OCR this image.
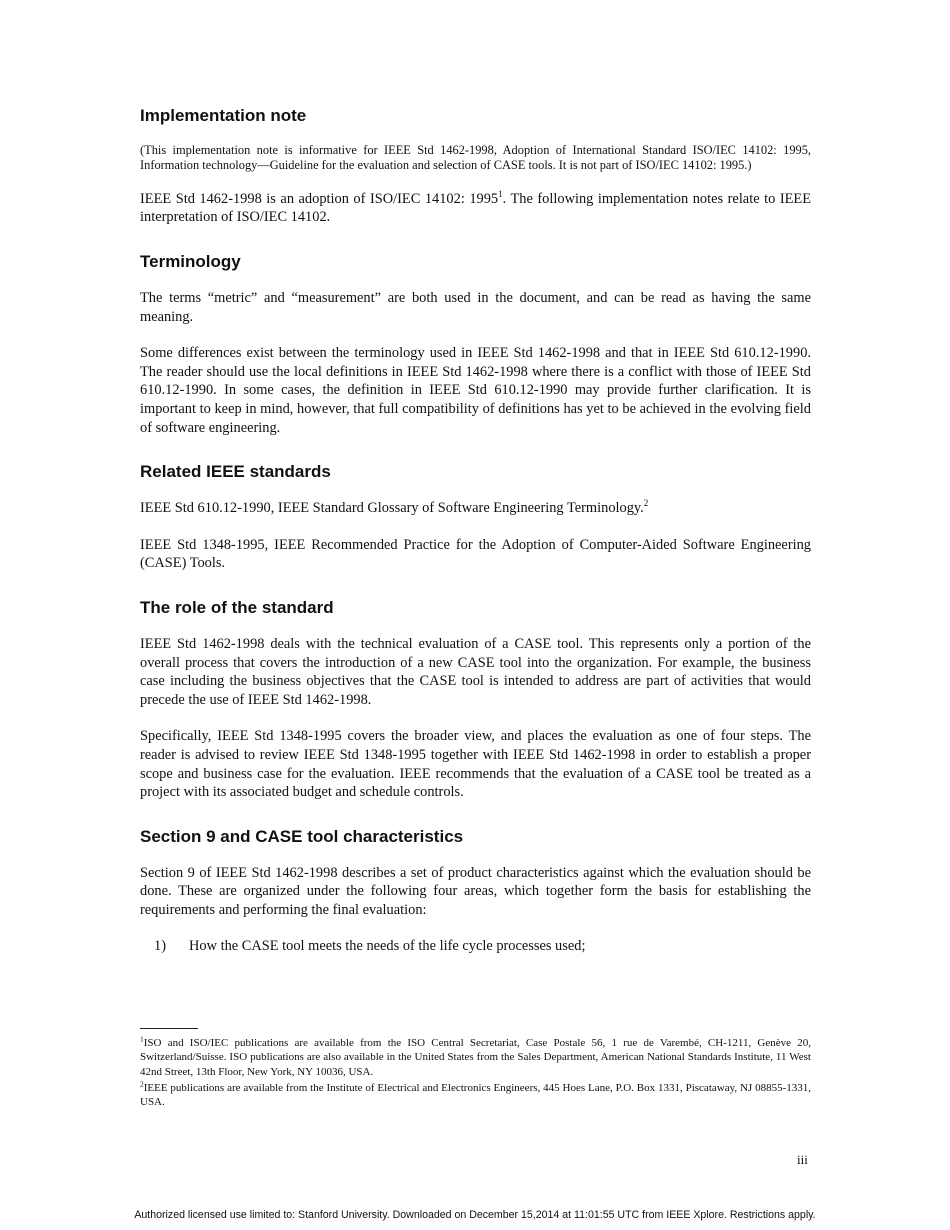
Implementation note

(This implementation note is informative for IEEE Std 1462-1998, Adoption of International Standard ISO/IEC 14102: 1995, Information technology—Guideline for the evaluation and selection of CASE tools. It is not part of ISO/IEC 14102: 1995.)

IEEE Std 1462-1998 is an adoption of ISO/IEC 14102: 1995$^1$. The following implementation notes relate to IEEE interpretation of ISO/IEC 14102.

Terminology

The terms “metric” and “measurement” are both used in the document, and can be read as having the same meaning.

Some differences exist between the terminology used in IEEE Std 1462-1998 and that in IEEE Std 610.12-1990. The reader should use the local definitions in IEEE Std 1462-1998 where there is a conflict with those of IEEE Std 610.12-1990. In some cases, the definition in IEEE Std 610.12-1990 may provide further clarification. It is important to keep in mind, however, that full compatibility of definitions has yet to be achieved in the evolving field of software engineering.

Related IEEE standards

IEEE Std 610.12-1990, IEEE Standard Glossary of Software Engineering Terminology.$^2$

IEEE Std 1348-1995, IEEE Recommended Practice for the Adoption of Computer-Aided Software Engineering (CASE) Tools.

The role of the standard

IEEE Std 1462-1998 deals with the technical evaluation of a CASE tool. This represents only a portion of the overall process that covers the introduction of a new CASE tool into the organization. For example, the business case including the business objectives that the CASE tool is intended to address are part of activities that would precede the use of IEEE Std 1462-1998.

Specifically, IEEE Std 1348-1995 covers the broader view, and places the evaluation as one of four steps. The reader is advised to review IEEE Std 1348-1995 together with IEEE Std 1462-1998 in order to establish a proper scope and business case for the evaluation. IEEE recommends that the evaluation of a CASE tool be treated as a project with its associated budget and schedule controls.

Section 9 and CASE tool characteristics

Section 9 of IEEE Std 1462-1998 describes a set of product characteristics against which the evaluation should be done. These are organized under the following four areas, which together form the basis for establishing the requirements and performing the final evaluation:

1)	How the CASE tool meets the needs of the life cycle processes used;

$^1$ISO and ISO/IEC publications are available from the ISO Central Secretariat, Case Postale 56, 1 rue de Varembé, CH-1211, Genève 20, Switzerland/Suisse. ISO publications are also available in the United States from the Sales Department, American National Standards Institute, 11 West 42nd Street, 13th Floor, New York, NY 10036, USA.

$^2$IEEE publications are available from the Institute of Electrical and Electronics Engineers, 445 Hoes Lane, P.O. Box 1331, Piscataway, NJ 08855-1331, USA.

iii
Authorized licensed use limited to: Stanford University. Downloaded on December 15,2014 at 11:01:55 UTC from IEEE Xplore. Restrictions apply.
